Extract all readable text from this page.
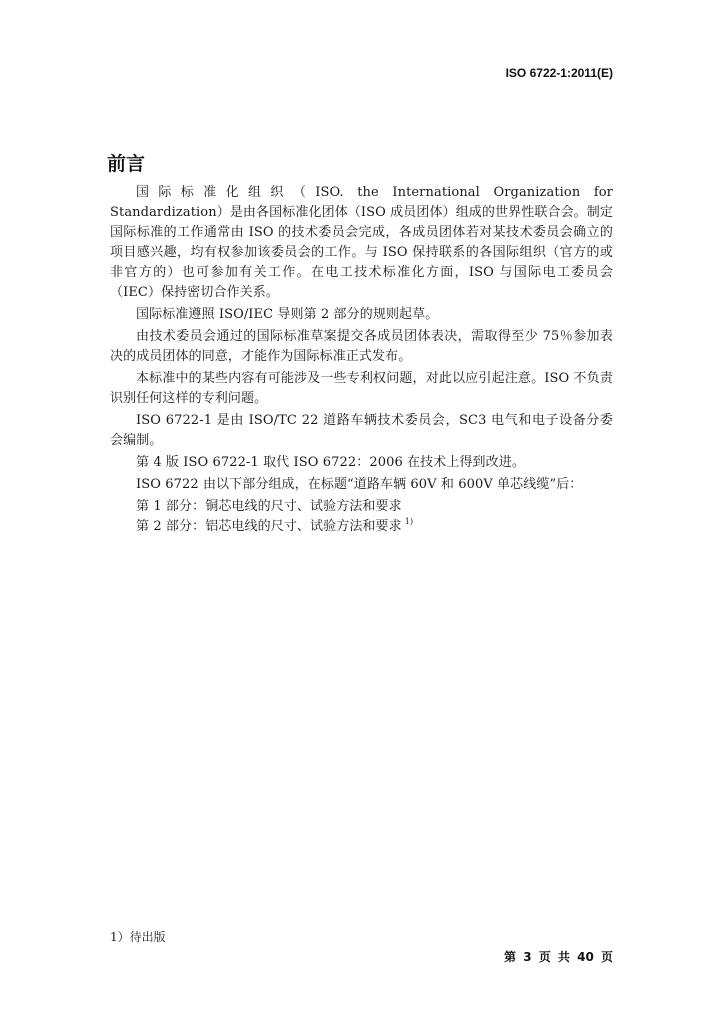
ISO 6722-1:2011(E)
前言

国际标准化组织（ISO. the International Organization for Standardization）是由各国标准化团体（ISO 成员团体）组成的世界性联合会。制定国际标准的工作通常由 ISO 的技术委员会完成，各成员团体若对某技术委员会确立的项目感兴趣，均有权参加该委员会的工作。与 ISO 保持联系的各国际组织（官方的或非官方的）也可参加有关工作。在电工技术标准化方面，ISO 与国际电工委员会（IEC）保持密切合作关系。

国际标准遵照 ISO/IEC 导则第 2 部分的规则起草。

由技术委员会通过的国际标准草案提交各成员团体表决，需取得至少 75％参加表决的成员团体的同意，才能作为国际标准正式发布。

本标准中的某些内容有可能涉及一些专利权问题，对此以应引起注意。ISO 不负责识别任何这样的专利问题。

ISO 6722-1 是由 ISO/TC 22 道路车辆技术委员会，SC3 电气和电子设备分委会编制。

第 4 版 ISO 6722-1 取代 ISO 6722：2006 在技术上得到改进。

ISO 6722 由以下部分组成，在标题“道路车辆 60V 和 600V 单芯线缆”后：

第 1 部分：铜芯电线的尺寸、试验方法和要求

第 2 部分：铝芯电线的尺寸、试验方法和要求 $^{1)}$

1）待出版
第 3 页 共 40 页
